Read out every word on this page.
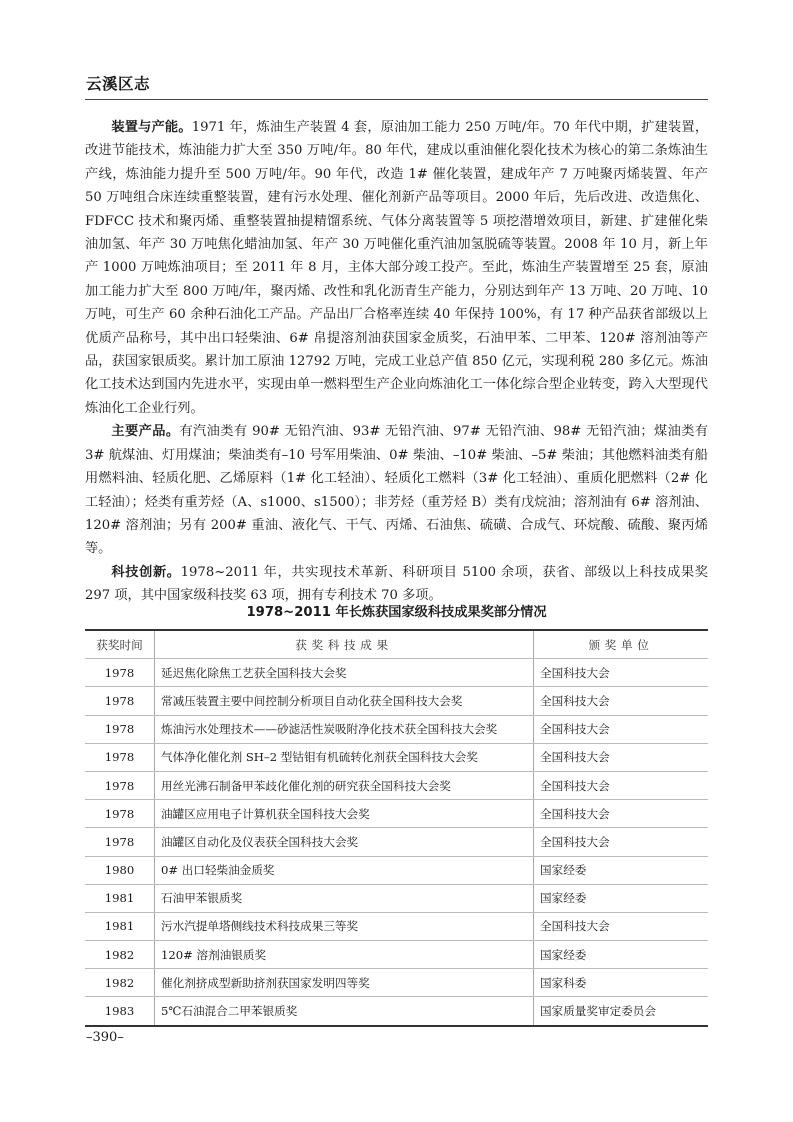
云溪区志

装置与产能。1971 年，炼油生产装置 4 套，原油加工能力 250 万吨/年。70 年代中期，扩建装置，改进节能技术，炼油能力扩大至 350 万吨/年。80 年代，建成以重油催化裂化技术为核心的第二条炼油生产线，炼油能力提升至 500 万吨/年。90 年代，改造 1# 催化装置，建成年产 7 万吨聚丙烯装置、年产 50 万吨组合床连续重整装置，建有污水处理、催化剂新产品等项目。2000 年后，先后改进、改造焦化、FDFCC 技术和聚丙烯、重整装置抽提精馏系统、气体分离装置等 5 项挖潜增效项目，新建、扩建催化柴油加氢、年产 30 万吨焦化蜡油加氢、年产 30 万吨催化重汽油加氢脱硫等装置。2008 年 10 月，新上年产 1000 万吨炼油项目；至 2011 年 8 月，主体大部分竣工投产。至此，炼油生产装置增至 25 套，原油加工能力扩大至 800 万吨/年，聚丙烯、改性和乳化沥青生产能力，分别达到年产 13 万吨、20 万吨、10 万吨，可生产 60 余种石油化工产品。产品出厂合格率连续 40 年保持 100%，有 17 种产品获省部级以上优质产品称号，其中出口轻柴油、6# 帛提溶剂油获国家金质奖，石油甲苯、二甲苯、120# 溶剂油等产品，获国家银质奖。累计加工原油 12792 万吨，完成工业总产值 850 亿元，实现利税 280 多亿元。炼油化工技术达到国内先进水平，实现由单一燃料型生产企业向炼油化工一体化综合型企业转变，跨入大型现代炼油化工企业行列。

主要产品。有汽油类有 90# 无铅汽油、93# 无铅汽油、97# 无铅汽油、98# 无铅汽油；煤油类有 3# 航煤油、灯用煤油；柴油类有–10 号军用柴油、0# 柴油、–10# 柴油、–5# 柴油；其他燃料油类有船用燃料油、轻质化肥、乙烯原料（1# 化工轻油）、轻质化工燃料（3# 化工轻油）、重质化肥燃料（2# 化工轻油）；烃类有重芳烃（A、s1000、s1500）；非芳烃（重芳烃 B）类有戊烷油；溶剂油有 6# 溶剂油、120# 溶剂油；另有 200# 重油、液化气、干气、丙烯、石油焦、硫磺、合成气、环烷酸、硫酸、聚丙烯等。

科技创新。1978~2011 年，共实现技术革新、科研项目 5100 余项，获省、部级以上科技成果奖 297 项，其中国家级科技奖 63 项，拥有专利技术 70 多项。

1978~2011 年长炼获国家级科技成果奖部分情况
获奖时间	获奖科技成果	颁奖单位
1978	延迟焦化除焦工艺获全国科技大会奖	全国科技大会
1978	常减压装置主要中间控制分析项目自动化获全国科技大会奖	全国科技大会
1978	炼油污水处理技术——砂滤活性炭吸附净化技术获全国科技大会奖	全国科技大会
1978	气体净化催化剂 SH–2 型钴钼有机硫转化剂获全国科技大会奖	全国科技大会
1978	用丝光沸石制备甲苯歧化催化剂的研究获全国科技大会奖	全国科技大会
1978	油罐区应用电子计算机获全国科技大会奖	全国科技大会
1978	油罐区自动化及仪表获全国科技大会奖	全国科技大会
1980	0# 出口轻柴油金质奖	国家经委
1981	石油甲苯银质奖	国家经委
1981	污水汽提单塔侧线技术科技成果三等奖	全国科技大会
1982	120# 溶剂油银质奖	国家经委
1982	催化剂挤成型新助挤剂获国家发明四等奖	国家科委
1983	5℃石油混合二甲苯银质奖	国家质量奖审定委员会
–390–
